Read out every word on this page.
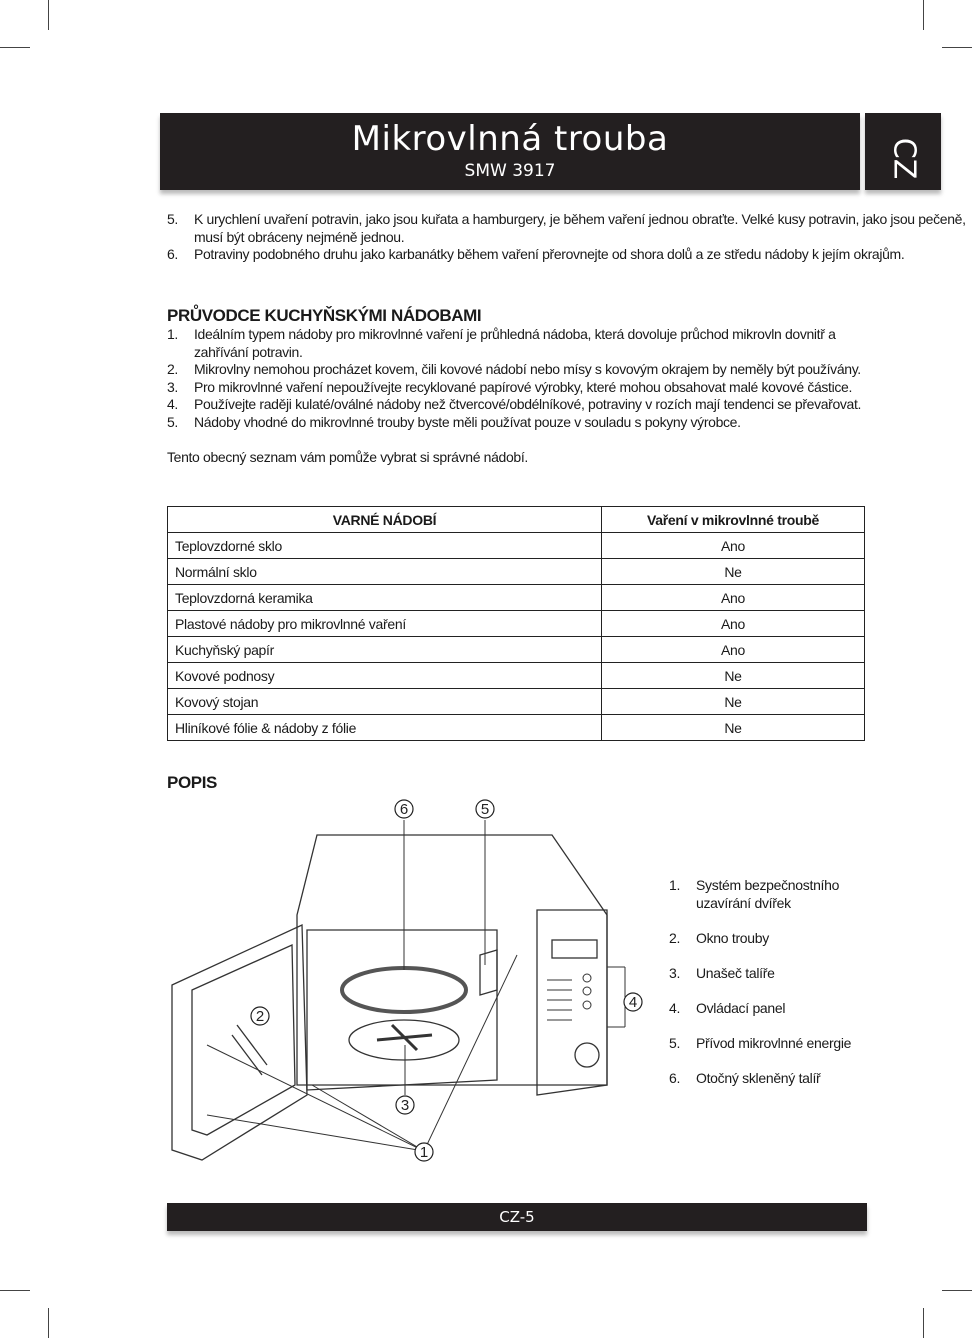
Mikrovlnná trouba
SMW 3917	CZ
5. K urychlení uvaření potravin, jako jsou kuřata a hamburgery, je během vaření jednou obraťte. Velké kusy potravin, jako jsou pečeně, musí být obráceny nejméně jednou.
6. Potraviny podobného druhu jako karbanátky během vaření přerovnejte od shora dolů a ze středu nádoby k jejím okrajům.
PRŮVODCE KUCHYŇSKÝMI NÁDOBAMI
1. Ideálním typem nádoby pro mikrovlnné vaření je průhledná nádoba, která dovoluje průchod mikrovln dovnitř a zahřívání potravin.
2. Mikrovlny nemohou procházet kovem, čili kovové nádobí nebo mísy s kovovým okrajem by neměly být používány.
3. Pro mikrovlnné vaření nepoužívejte recyklované papírové výrobky, které mohou obsahovat malé kovové částice.
4. Používejte raději kulaté/oválné nádoby než čtvercové/obdélníkové, potraviny v rozích mají tendenci se převařovat.
5. Nádoby vhodné do mikrovlnné trouby byste měli používat pouze v souladu s pokyny výrobce.

Tento obecný seznam vám pomůže vybrat si správné nádobí.

VARNÉ NÁDOBÍ	Vaření v mikrovlnné troubě
Teplovzdorné sklo	Ano
Normální sklo	Ne
Teplovzdorná keramika	Ano
Plastové nádoby pro mikrovlnné vaření	Ano
Kuchyňský papír	Ano
Kovové podnosy	Ne
Kovový stojan	Ne
Hliníkové fólie & nádoby z fólie	Ne
POPIS
1
2
3
4
5
6
1. Systém bezpečnostního uzavírání dvířek
2. Okno trouby
3. Unašeč talíře
4. Ovládací panel
5. Přívod mikrovlnné energie
6. Otočný skleněný talíř
CZ-5
